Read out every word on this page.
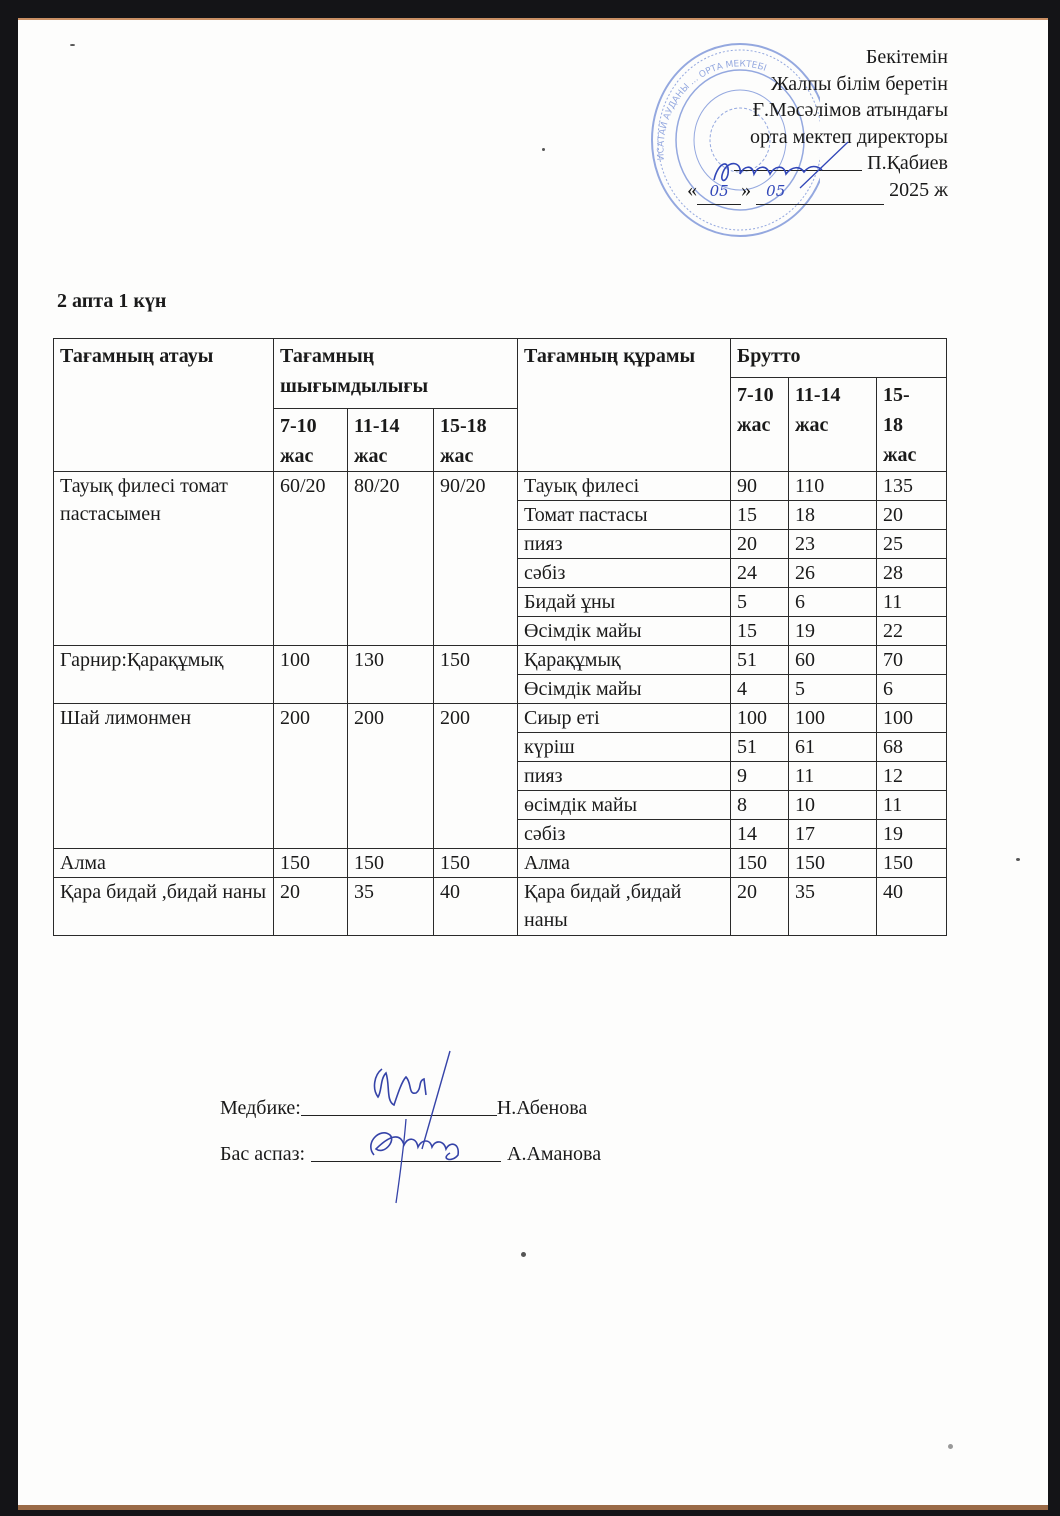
ИСАТАЙ АУДАНЫ ... ОРТА МЕКТЕБІ
Бекітемін
Жалпы білім беретін
Ғ.Мәсәлімов атындағы
орта мектеп директоры
П.Қабиев
« 05 » 05	2025 ж
2 апта 1 күн
Тағамның атауы	Тағамның шығымдылығы			Тағамның құрамы	Брутто		
					7-10 жас	11-14 жас	15-18 жас
	7-10 жас	11-14 жас	15-18 жас				
Тауық филесі томат пастасымен	60/20	80/20	90/20	Тауық филесі	90	110	135
				Томат пастасы	15	18	20
				пияз	20	23	25
				сәбіз	24	26	28
				Бидай ұны	5	6	11
				Өсімдік майы	15	19	22
Гарнир:Қарақұмық	100	130	150	Қарақұмық	51	60	70
				Өсімдік майы	4	5	6
Шай лимонмен	200	200	200	Сиыр еті	100	100	100
				күріш	51	61	68
				пияз	9	11	12
				өсімдік майы	8	10	11
				сәбіз	14	17	19
Алма	150	150	150	Алма	150	150	150
Қара бидай ,бидай наны	20	35	40	Қара бидай ,бидай наны	20	35	40
Медбике:	Н.Абенова
Бас аспаз:	А.Аманова
